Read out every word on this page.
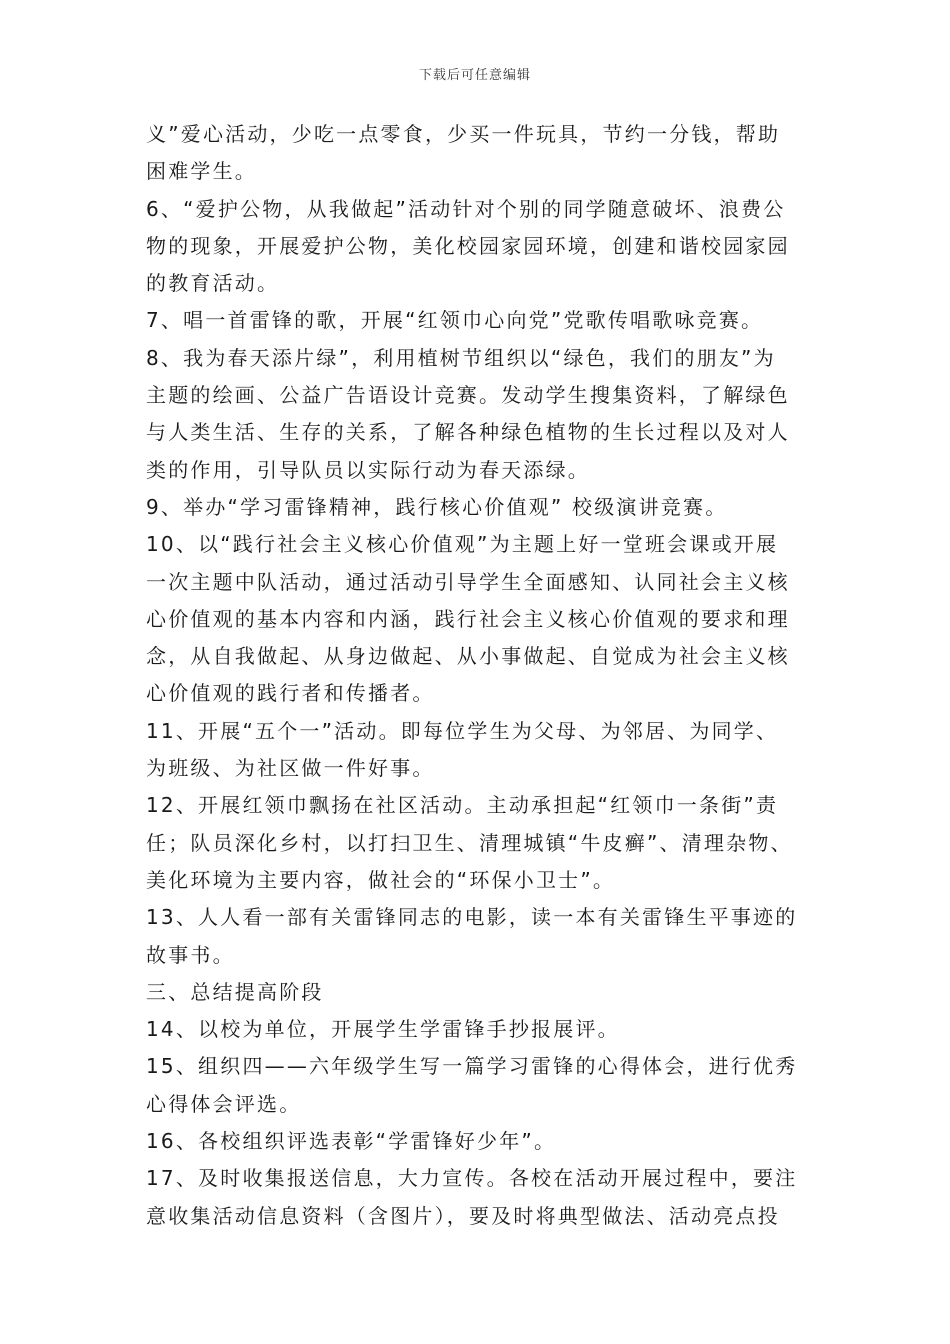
下载后可任意编辑
义”爱心活动，少吃一点零食，少买一件玩具，节约一分钱，帮助
困难学生。
6、“爱护公物，从我做起”活动针对个别的同学随意破坏、浪费公
物的现象，开展爱护公物，美化校园家园环境，创建和谐校园家园
的教育活动。
7、唱一首雷锋的歌，开展“红领巾心向党”党歌传唱歌咏竞赛。
8、我为春天添片绿”，利用植树节组织以“绿色，我们的朋友”为
主题的绘画、公益广告语设计竞赛。发动学生搜集资料，了解绿色
与人类生活、生存的关系，了解各种绿色植物的生长过程以及对人
类的作用，引导队员以实际行动为春天添绿。
9、举办“学习雷锋精神，践行核心价值观” 校级演讲竞赛。
10、以“践行社会主义核心价值观”为主题上好一堂班会课或开展
一次主题中队活动，通过活动引导学生全面感知、认同社会主义核
心价值观的基本内容和内涵，践行社会主义核心价值观的要求和理
念，从自我做起、从身边做起、从小事做起、自觉成为社会主义核
心价值观的践行者和传播者。
11、开展“五个一”活动。即每位学生为父母、为邻居、为同学、
为班级、为社区做一件好事。
12、开展红领巾飘扬在社区活动。主动承担起“红领巾一条街”责
任；队员深化乡村，以打扫卫生、清理城镇“牛皮癣”、清理杂物、
美化环境为主要内容，做社会的“环保小卫士”。
13、人人看一部有关雷锋同志的电影，读一本有关雷锋生平事迹的
故事书。
三、总结提高阶段
14、以校为单位，开展学生学雷锋手抄报展评。
15、组织四——六年级学生写一篇学习雷锋的心得体会，进行优秀
心得体会评选。
16、各校组织评选表彰“学雷锋好少年”。
17、及时收集报送信息，大力宣传。各校在活动开展过程中，要注
意收集活动信息资料（含图片），要及时将典型做法、活动亮点投
